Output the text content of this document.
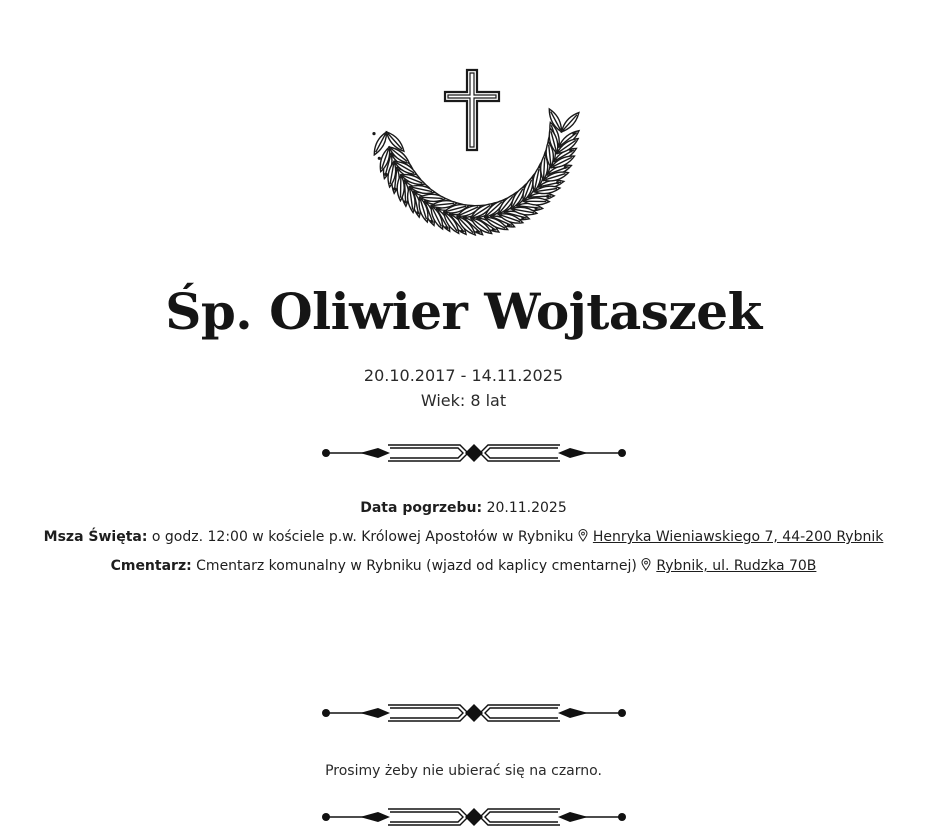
Śp. Oliwier Wojtaszek
20.10.2017 - 14.11.2025
Wiek: 8 lat
Data pogrzebu: 20.11.2025
Msza Święta: o godz. 12:00 w kościele p.w. Królowej Apostołów w Rybniku Henryka Wieniawskiego 7, 44-200 Rybnik
Cmentarz: Cmentarz komunalny w Rybniku (wjazd od kaplicy cmentarnej) Rybnik, ul. Rudzka 70B
Prosimy żeby nie ubierać się na czarno.
